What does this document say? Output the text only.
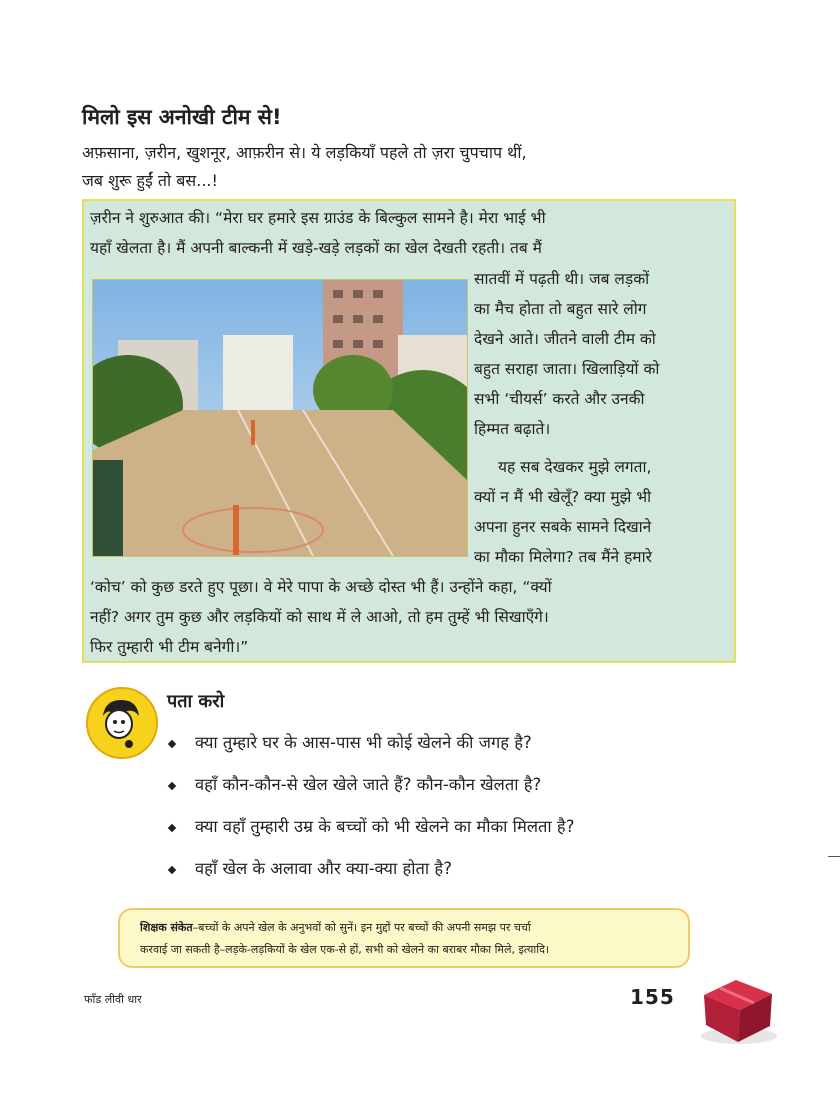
मिलो इस अनोखी टीम से!
अफ़साना, ज़रीन, खुशनूर, आफ़रीन से। ये लड़कियाँ पहले तो ज़रा चुपचाप थीं,
जब शुरू हुईं तो बस...!
ज़रीन ने शुरुआत की। “मेरा घर हमारे इस ग्राउंड के बिल्कुल सामने है। मेरा भाई भी
यहाँ खेलता है। मैं अपनी बाल्कनी में खड़े-खड़े लड़कों का खेल देखती रहती। तब मैं
सातवीं में पढ़ती थी। जब लड़कों
का मैच होता तो बहुत सारे लोग
देखने आते। जीतने वाली टीम को
बहुत सराहा जाता। खिलाड़ियों को
सभी ‘चीयर्स’ करते और उनकी
हिम्मत बढ़ाते।
यह सब देखकर मुझे लगता,
क्यों न मैं भी खेलूँ? क्या मुझे भी
अपना हुनर सबके सामने दिखाने
का मौका मिलेगा? तब मैंने हमारे
‘कोच’ को कुछ डरते हुए पूछा। वे मेरे पापा के अच्छे दोस्त भी हैं। उन्होंने कहा, “क्यों
नहीं? अगर तुम कुछ और लड़कियों को साथ में ले आओ, तो हम तुम्हें भी सिखाएँगे।
फिर तुम्हारी भी टीम बनेगी।”
पता करो
क्या तुम्हारे घर के आस-पास भी कोई खेलने की जगह है?
वहाँ कौन-कौन-से खेल खेले जाते हैं? कौन-कौन खेलता है?
क्या वहाँ तुम्हारी उम्र के बच्चों को भी खेलने का मौका मिलता है?
वहाँ खेल के अलावा और क्या-क्या होता है?
शिक्षक संकेत–बच्चों के अपने खेल के अनुभवों को सुनें। इन मुद्दों पर बच्चों की अपनी समझ पर चर्चा
करवाई जा सकती है–लड़के-लड़कियों के खेल एक-से हों, सभी को खेलने का बराबर मौका मिले, इत्यादि।
फाँड लीवी धार	155
